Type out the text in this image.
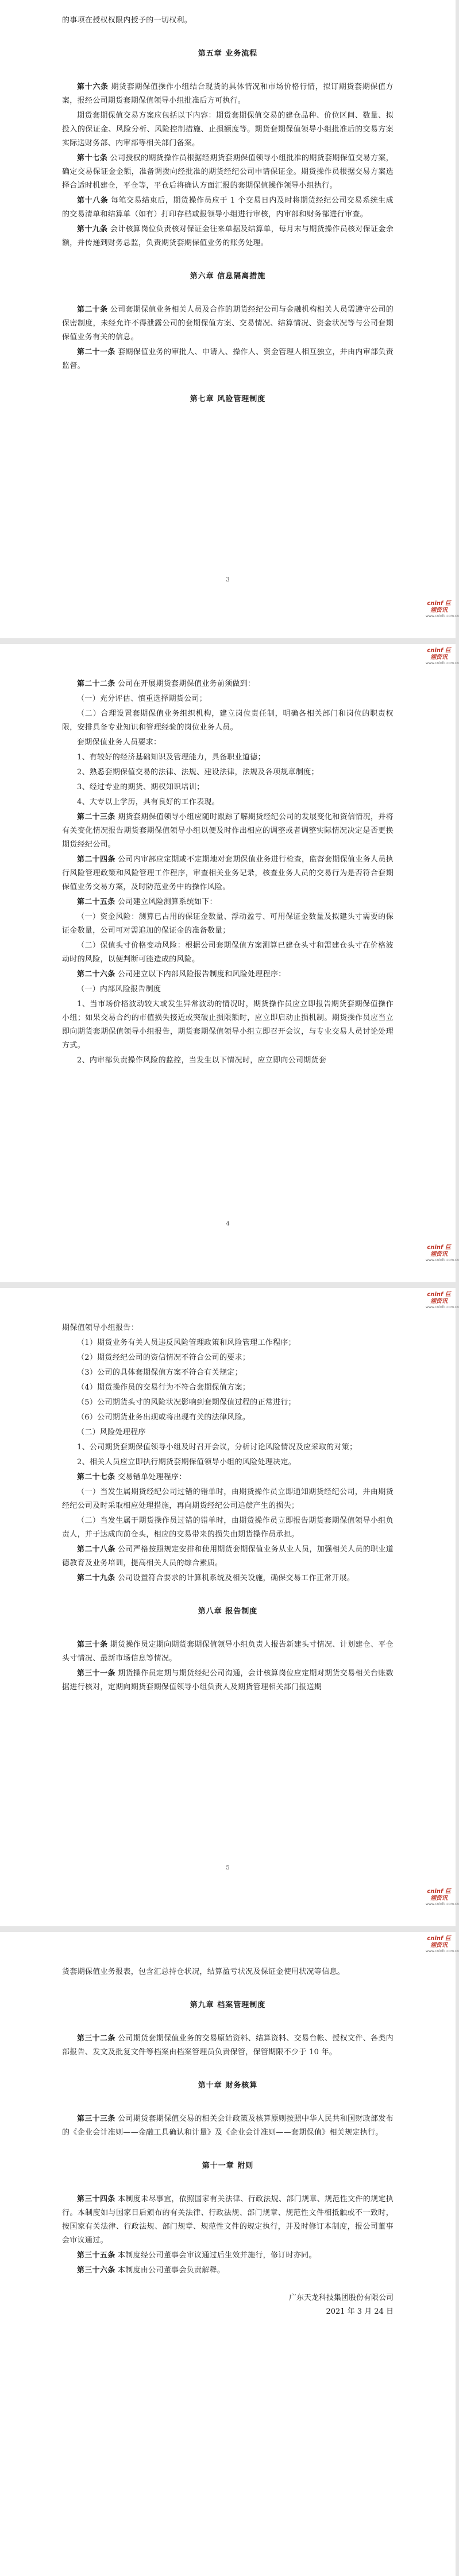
的事项在授权权限内授予的一切权利。

第五章 业务流程

第十六条 期货套期保值操作小组结合现货的具体情况和市场价格行情，拟订期货套期保值方案，报经公司期货套期保值领导小组批准后方可执行。

期货套期保值交易方案应包括以下内容：期货套期保值交易的建仓品种、价位区间、数量、拟投入的保证金、风险分析、风险控制措施、止损额度等。期货套期保值领导小组批准后的交易方案实际送财务部、内审部等相关部门备案。

第十七条 公司授权的期货操作员根据经期货套期保值领导小组批准的期货套期保值交易方案，确定交易保证金金额，准备调拨向经批准的期货经纪公司申请保证金。期货操作员根据交易方案选择合适时机建仓，平仓等，平仓后将确认方面汇报的套期保值操作领导小组执行。

第十八条 每笔交易结束后，期货操作员应于 1 个交易日内及时将期货经纪公司交易系统生成的交易清单和结算单（如有）打印存档或报领导小组进行审核，内审部和财务部进行审查。

第十九条 会计核算岗位负责核对保证金往来单据及结算单，每月末与期货操作员核对保证金余额，并传递到财务总监，负责期货套期保值业务的账务处理。

第六章 信息隔离措施

第二十条 公司套期保值业务相关人员及合作的期货经纪公司与金融机构相关人员需遵守公司的保密制度，未经允许不得泄露公司的套期保值方案、交易情况、结算情况、资金状况等与公司套期保值业务有关的信息。

第二十一条 套期保值业务的审批人、申请人、操作人、资金管理人相互独立，并由内审部负责监督。

第七章 风险管理制度
3
cninf 巨潮资讯
www.cninfo.com.cn
cninf 巨潮资讯
www.cninfo.com.cn

第二十二条 公司在开展期货套期保值业务前须做到：

（一）充分评估、慎重选择期货公司；

（二）合理设置套期保值业务组织机构，建立岗位责任制，明确各相关部门和岗位的职责权限，安排具备专业知识和管理经验的岗位业务人员。

套期保值业务人员要求：

1、有较好的经济基础知识及管理能力，具备职业道德；

2、熟悉套期保值交易的法律、法规、建设法律，法规及各项规章制度；

3、经过专业的期货、期权知识培训；

4、大专以上学历，具有良好的工作表现。

第二十三条 期货套期保值领导小组应随时跟踪了解期货经纪公司的发展变化和资信情况，并将有关变化情况报告期货套期保值领导小组以便及时作出相应的调整或者调整实际情况决定是否更换期货经纪公司。

第二十四条 公司内审部应定期或不定期地对套期保值业务进行检查，监督套期保值业务人员执行风险管理政策和风险管理工作程序，审查相关业务记录，核查业务人员的交易行为是否符合套期保值业务交易方案，及时防范业务中的操作风险。

第二十五条 公司建立风险测算系统如下：

（一）资金风险：测算已占用的保证金数量、浮动盈亏、可用保证金数量及拟建头寸需要的保证金数量，公司可对需追加的保证金的准备数量；

（二）保值头寸价格变动风险：根据公司套期保值方案测算已建仓头寸和需建仓头寸在价格波动时的风险，以便判断可能造成的风险。

第二十六条 公司建立以下内部风险报告制度和风险处理程序：

（一）内部风险报告制度

1、当市场价格波动较大或发生异常波动的情况时，期货操作员应立即报告期货套期保值操作小组；如果交易合约的市值损失接近或突破止损限额时，应立即启动止损机制。期货操作员应当立即向期货套期保值领导小组报告，期货套期保值领导小组立即召开会议，与专业交易人员讨论处理方式。

2、内审部负责操作风险的监控，当发生以下情况时，应立即向公司期货套

4
cninf 巨潮资讯
www.cninfo.com.cn
cninf 巨潮资讯
www.cninfo.com.cn

期保值领导小组报告：

（1）期货业务有关人员违反风险管理政策和风险管理工作程序；

（2）期货经纪公司的资信情况不符合公司的要求；

（3）公司的具体套期保值方案不符合有关规定；

（4）期货操作员的交易行为不符合套期保值方案；

（5）公司期货头寸的风险状况影响到套期保值过程的正常进行；

（6）公司期货业务出现或将出现有关的法律风险。

（二）风险处理程序

1、公司期货套期保值领导小组及时召开会议，分析讨论风险情况及应采取的对策；

2、相关人员应立即执行期货套期保值领导小组的风险处理决定。

第二十七条 交易错单处理程序：

（一）当发生属期货经纪公司过错的错单时，由期货操作员立即通知期货经纪公司，并由期货经纪公司及时采取相应处理措施，再向期货经纪公司追偿产生的损失；

（二）当发生属于期货操作员过错的错单时，由期货操作员立即报告期货套期保值领导小组负责人，并于达成向前仓头，相应的交易带来的损失由期货操作员承担。

第二十八条 公司严格按照规定安排和使用期货套期保值业务从业人员，加强相关人员的职业道德教育及业务培训，提高相关人员的综合素质。

第二十九条 公司设置符合要求的计算机系统及相关设施，确保交易工作正常开展。

第八章 报告制度

第三十条 期货操作员定期向期货套期保值领导小组负责人报告新建头寸情况、计划建仓、平仓头寸情况、最新市场信息等情况。

第三十一条 期货操作员定期与期货经纪公司沟通，会计核算岗位应定期对期货交易相关台账数据进行核对，定期向期货套期保值领导小组负责人及期货管理相关部门报送期

5
cninf 巨潮资讯
www.cninfo.com.cn
cninf 巨潮资讯
www.cninfo.com.cn

货套期保值业务报表，包含汇总持仓状况，结算盈亏状况及保证金使用状况等信息。

第九章 档案管理制度

第三十二条 公司期货套期保值业务的交易原始资料、结算资料、交易台帐、授权文件、各类内部报告、发文及批复文件等档案由档案管理员负责保管，保管期限不少于 10 年。

第十章 财务核算

第三十三条 公司期货套期保值交易的相关会计政策及核算原则按照中华人民共和国财政部发布的《企业会计准则——金融工具确认和计量》及《企业会计准则——套期保值》相关规定执行。

第十一章 附则

第三十四条 本制度未尽事宜，依照国家有关法律、行政法规、部门规章、规范性文件的规定执行。本制度如与国家日后颁布的有关法律、行政法规、部门规章、规范性文件相抵触或不一致时，按国家有关法律、行政法规、部门规章、规范性文件的规定执行，并及时修订本制度，报公司董事会审议通过。

第三十五条 本制度经公司董事会审议通过后生效并施行，修订时亦同。

第三十六条 本制度由公司董事会负责解释。

广东天龙科技集团股份有限公司

2021 年 3 月 24 日
